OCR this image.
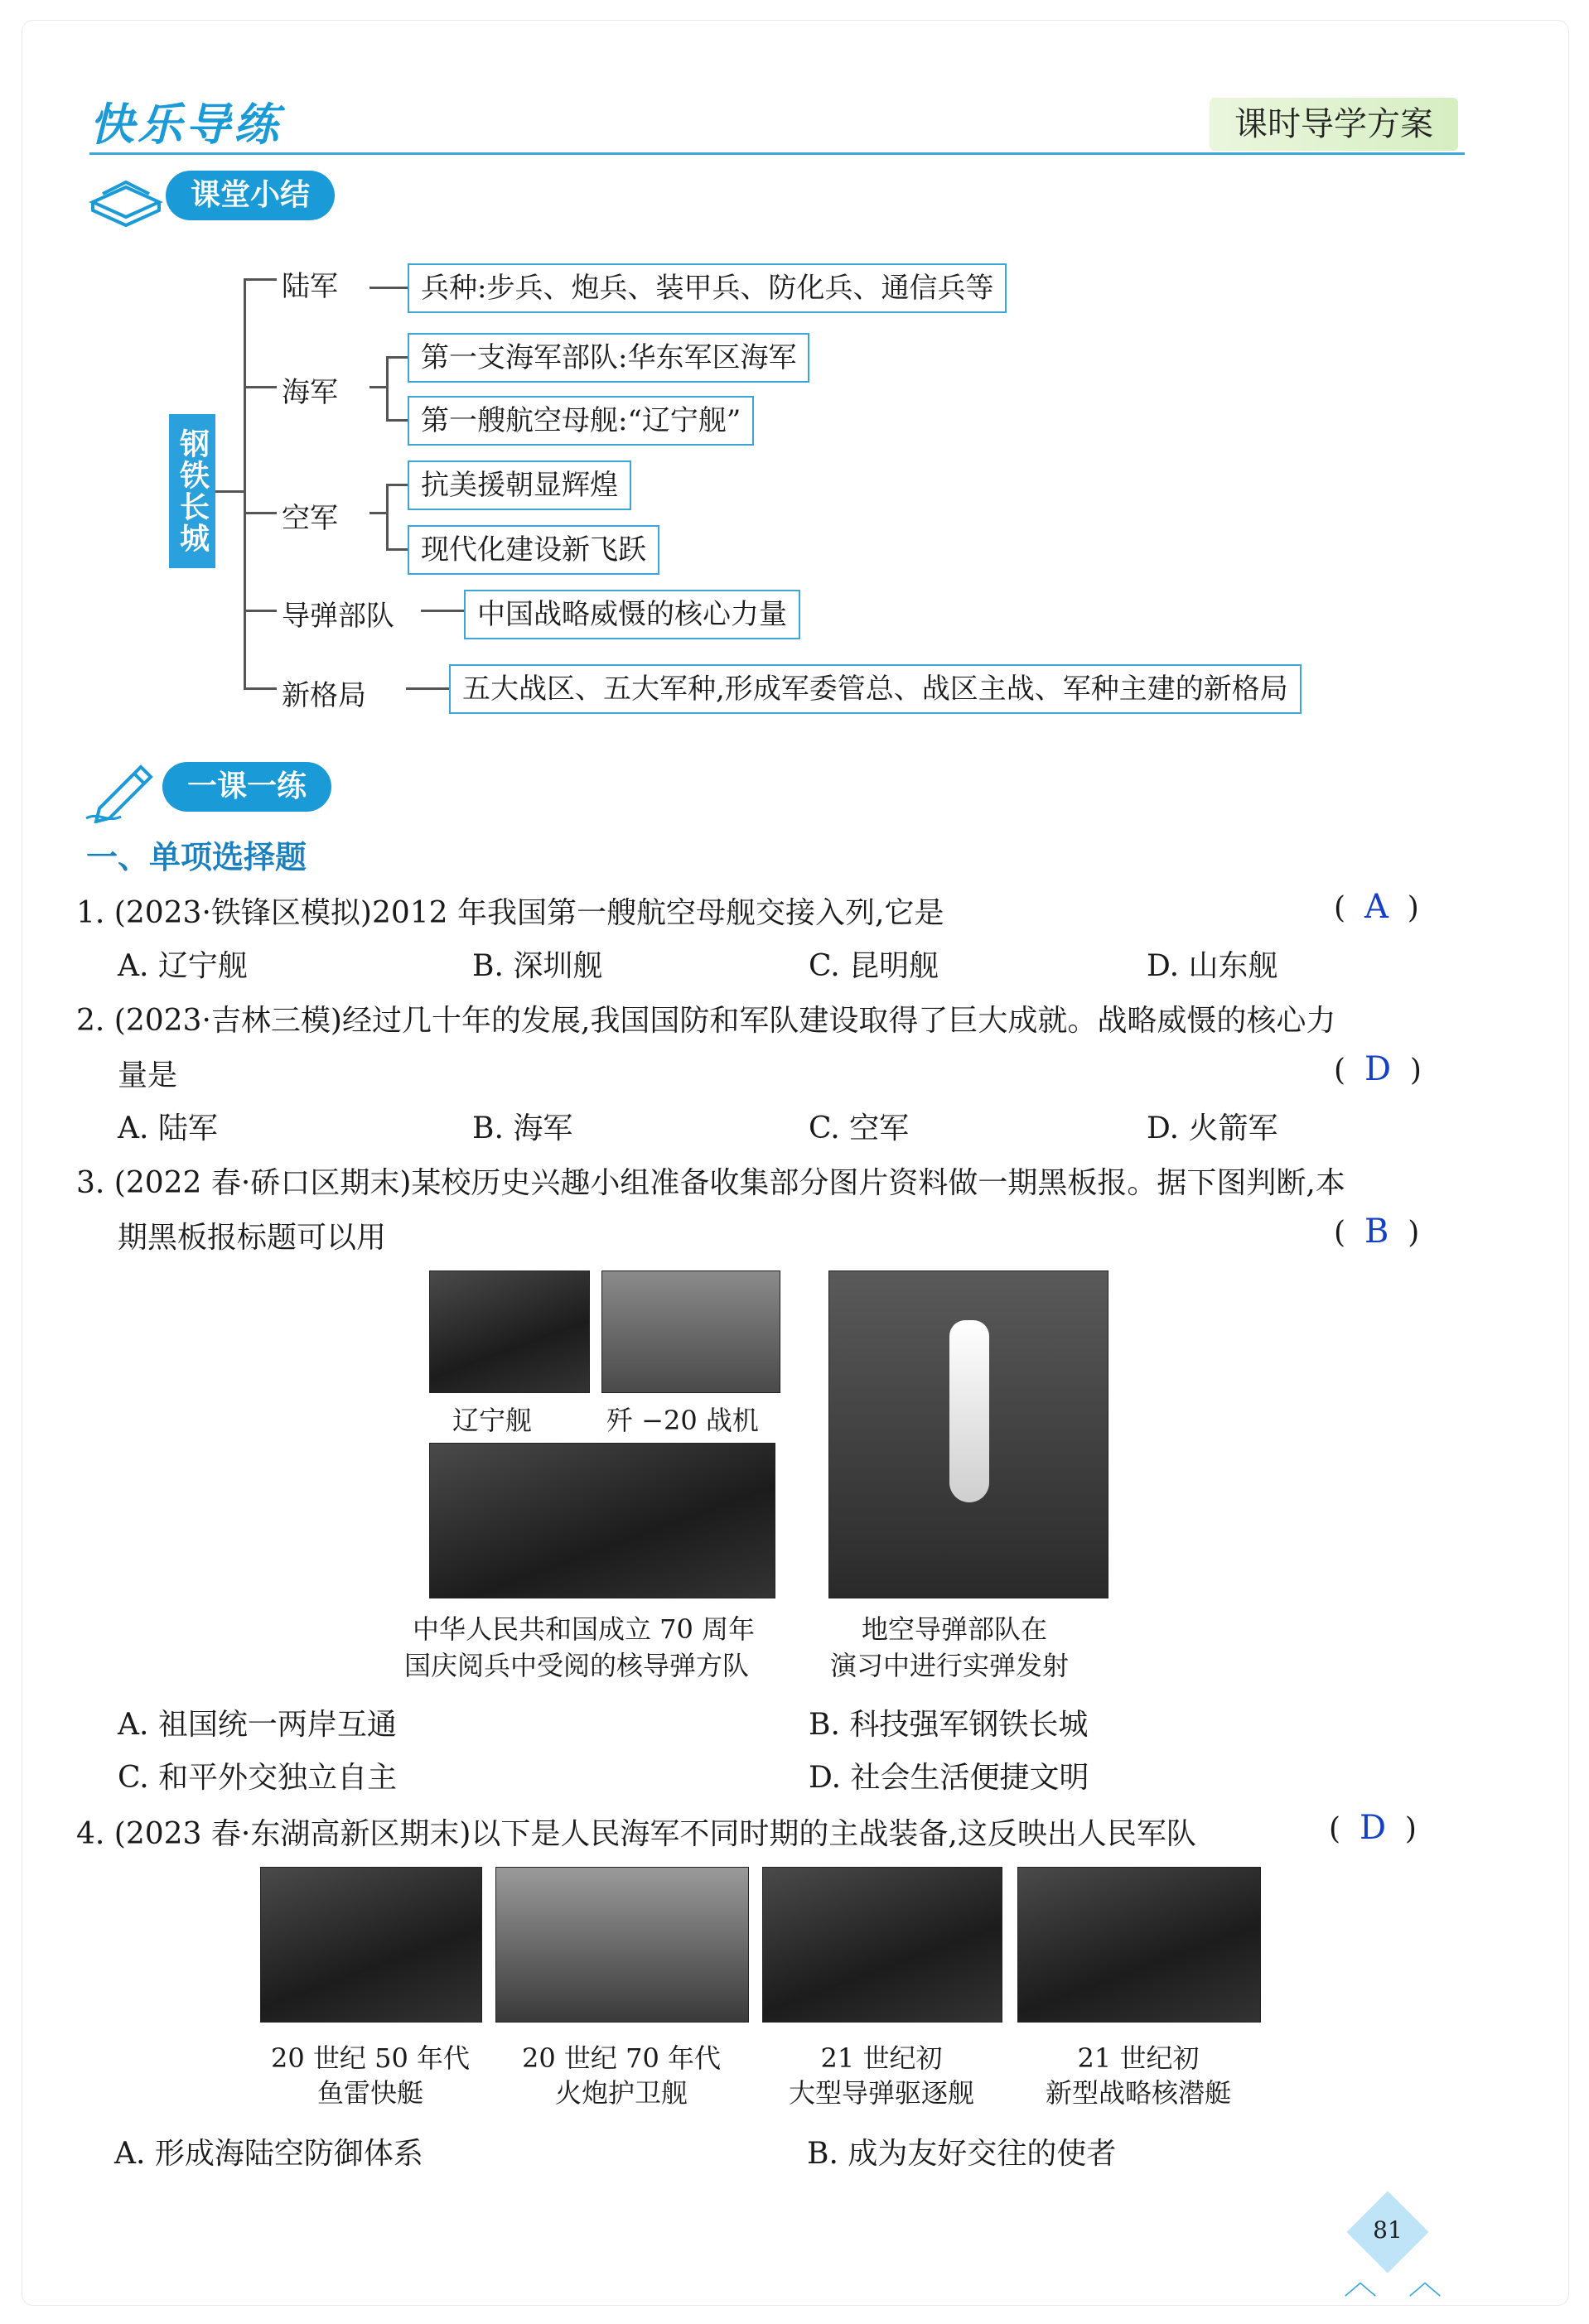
快乐导练	课时导学方案
课堂小结
钢铁长城
陆军
海军
空军
导弹部队
新格局
兵种:步兵、炮兵、装甲兵、防化兵、通信兵等
第一支海军部队:华东军区海军
第一艘航空母舰:“辽宁舰”
抗美援朝显辉煌
现代化建设新飞跃
中国战略威慑的核心力量
五大战区、五大军种,形成军委管总、战区主战、军种主建的新格局
一课一练
一、单项选择题
1. (2023·铁锋区模拟)2012 年我国第一艘航空母舰交接入列,它是	(  A  )
A. 辽宁舰	B. 深圳舰	C. 昆明舰	D. 山东舰
2. (2023·吉林三模)经过几十年的发展,我国国防和军队建设取得了巨大成就。战略威慑的核心力
量是	(  D  )
A. 陆军	B. 海军	C. 空军	D. 火箭军
3. (2022 春·硚口区期末)某校历史兴趣小组准备收集部分图片资料做一期黑板报。据下图判断,本
期黑板报标题可以用	(  B  )
辽宁舰	歼 −20 战机
中华人民共和国成立 70 周年
国庆阅兵中受阅的核导弹方队
地空导弹部队在
演习中进行实弹发射
A. 祖国统一两岸互通	B. 科技强军钢铁长城
C. 和平外交独立自主	D. 社会生活便捷文明
4. (2023 春·东湖高新区期末)以下是人民海军不同时期的主战装备,这反映出人民军队	(  D  )
20 世纪 50 年代
鱼雷快艇
20 世纪 70 年代
火炮护卫舰
21 世纪初
大型导弹驱逐舰
21 世纪初
新型战略核潜艇
A. 形成海陆空防御体系	B. 成为友好交往的使者
81
︿ ︿
